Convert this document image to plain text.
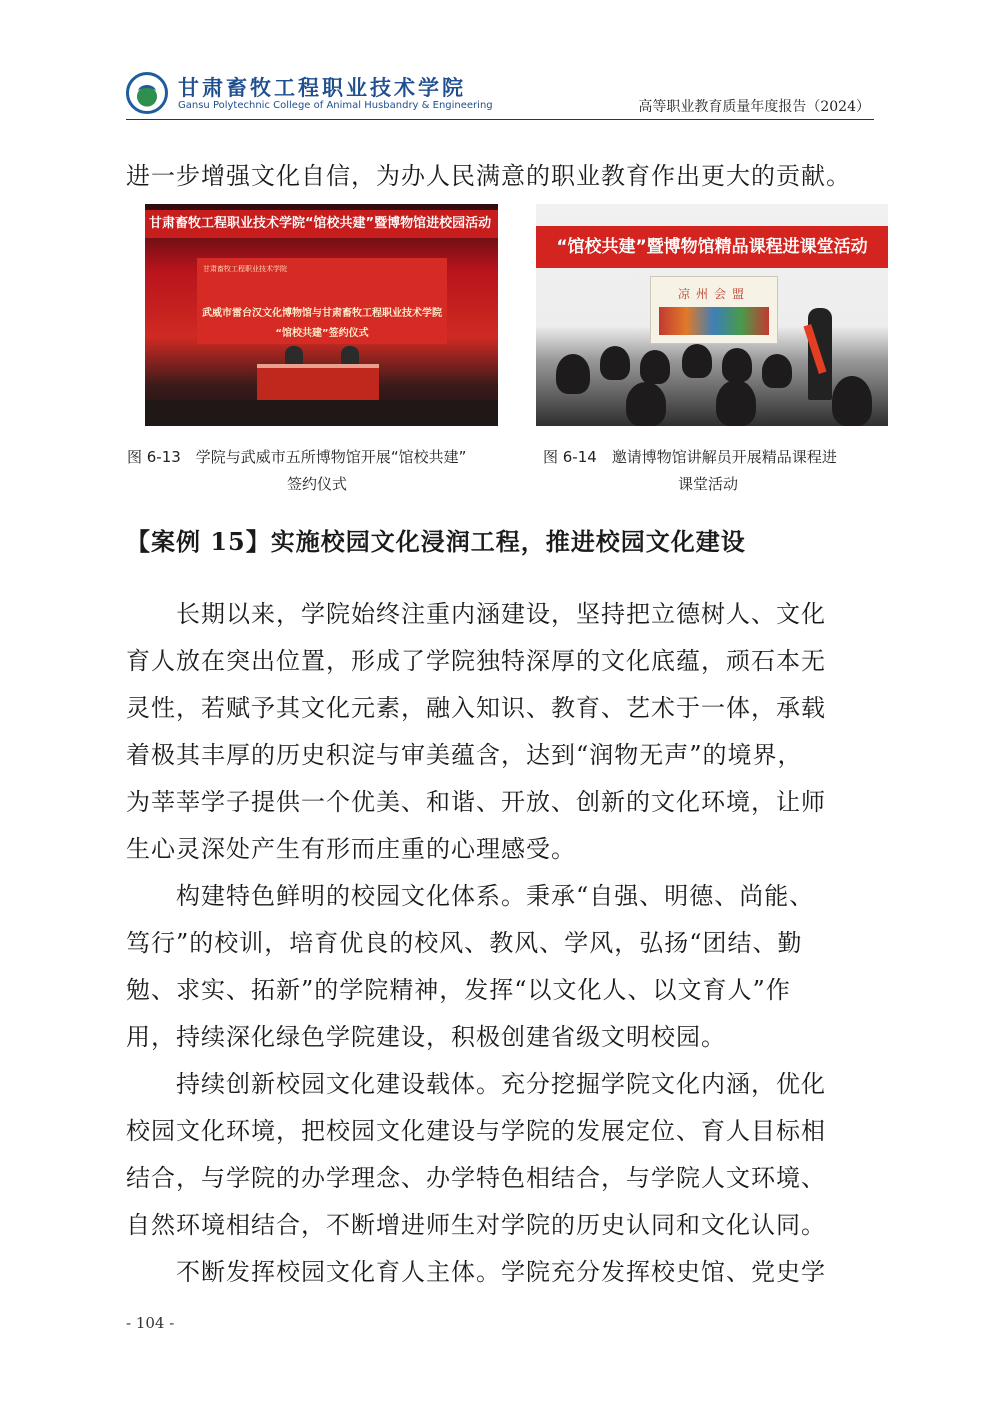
甘肃畜牧工程职业技术学院
Gansu Polytechnic College of Animal Husbandry & Engineering	高等职业教育质量年度报告（2024）
进一步增强文化自信，为办人民满意的职业教育作出更大的贡献。
甘肃畜牧工程职业技术学院“馆校共建”暨博物馆进校园活动
甘肃畜牧工程职业技术学院
武威市雷台汉文化博物馆与甘肃畜牧工程职业技术学院
“馆校共建”签约仪式
“馆校共建”暨博物馆精品课程进课堂活动
凉州会盟
图 6-13　学院与武威市五所博物馆开展“馆校共建”
签约仪式
图 6-14　邀请博物馆讲解员开展精品课程进
课堂活动
【案例 15】实施校园文化浸润工程，推进校园文化建设
　　长期以来，学院始终注重内涵建设，坚持把立德树人、文化
育人放在突出位置，形成了学院独特深厚的文化底蕴，顽石本无
灵性，若赋予其文化元素，融入知识、教育、艺术于一体，承载
着极其丰厚的历史积淀与审美蕴含，达到“润物无声”的境界，
为莘莘学子提供一个优美、和谐、开放、创新的文化环境，让师
生心灵深处产生有形而庄重的心理感受。
　　构建特色鲜明的校园文化体系。秉承“自强、明德、尚能、
笃行”的校训，培育优良的校风、教风、学风，弘扬“团结、勤
勉、求实、拓新”的学院精神，发挥“以文化人、以文育人”作
用，持续深化绿色学院建设，积极创建省级文明校园。
　　持续创新校园文化建设载体。充分挖掘学院文化内涵，优化
校园文化环境，把校园文化建设与学院的发展定位、育人目标相
结合，与学院的办学理念、办学特色相结合，与学院人文环境、
自然环境相结合，不断增进师生对学院的历史认同和文化认同。
　　不断发挥校园文化育人主体。学院充分发挥校史馆、党史学
- 104 -
